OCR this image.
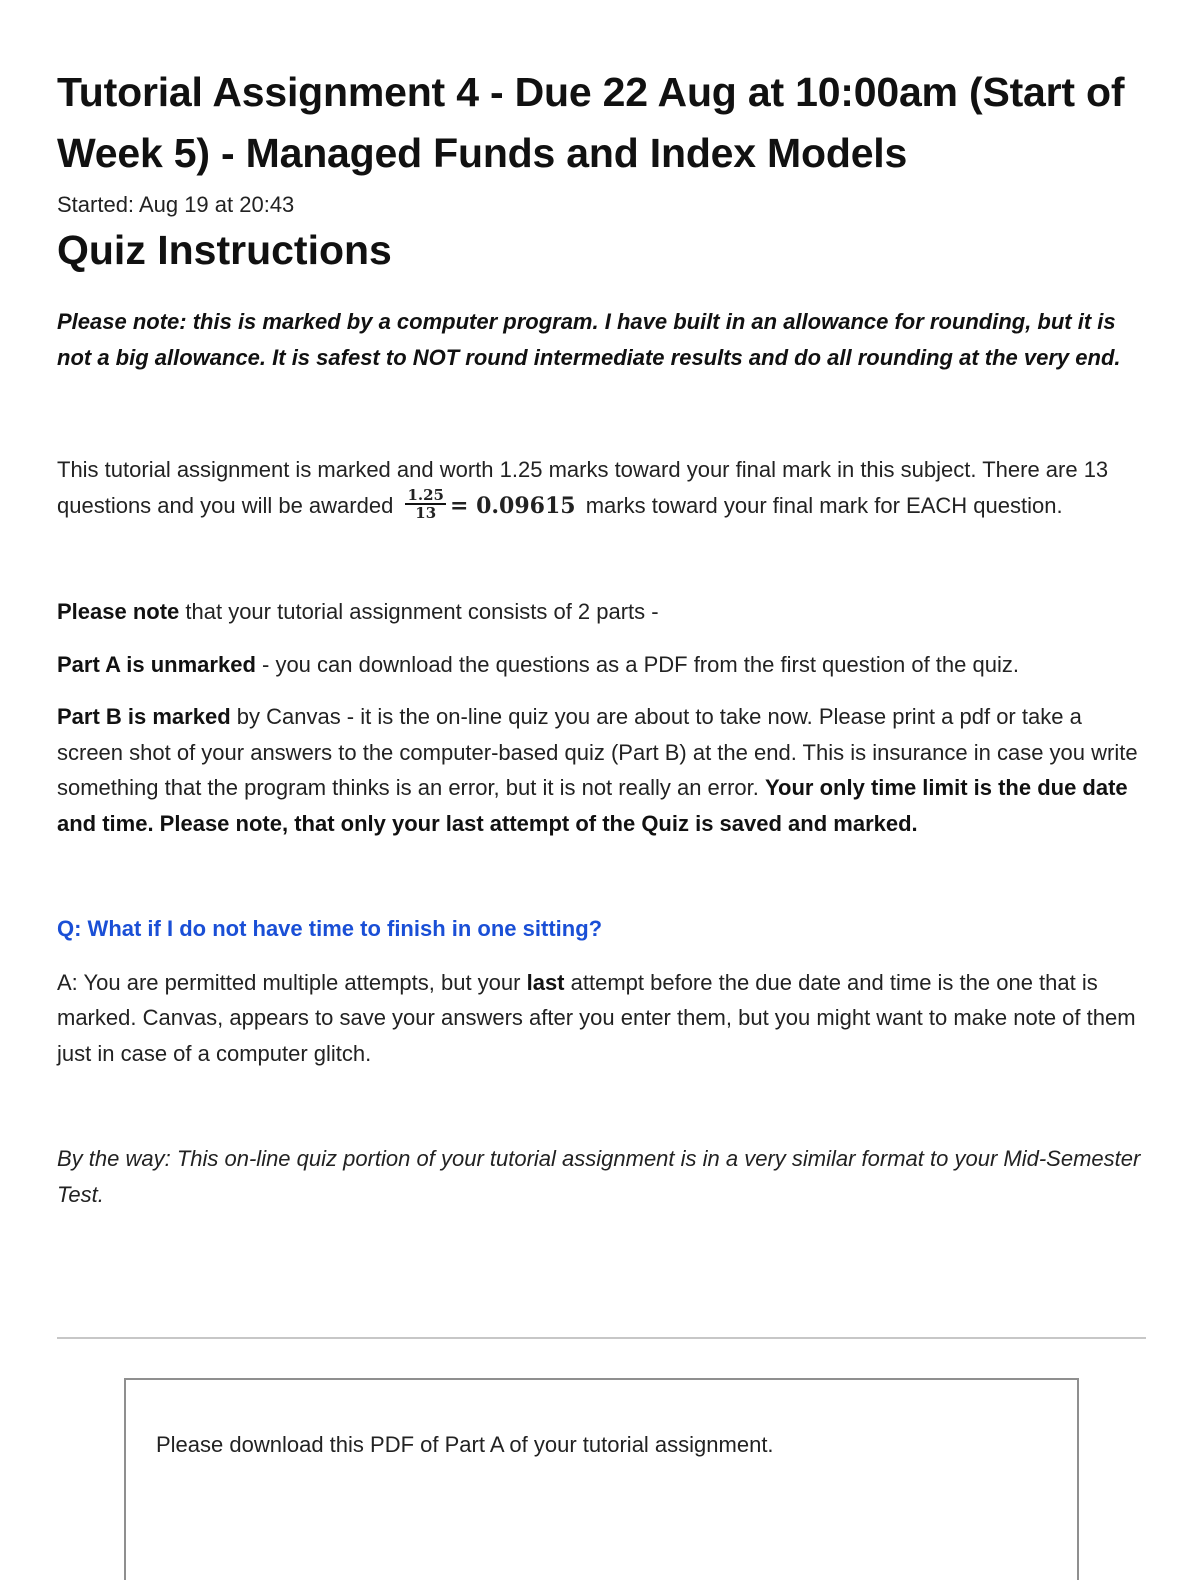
Tutorial Assignment 4 - Due 22 Aug at 10:00am (Start of Week 5) - Managed Funds and Index Models
Started: Aug 19 at 20:43
Quiz Instructions
Please note: this is marked by a computer program. I have built in an allowance for rounding, but it is not a big allowance. It is safest to NOT round intermediate results and do all rounding at the very end.

This tutorial assignment is marked and worth 1.25 marks toward your final mark in this subject. There are 13 questions and you will be awarded $\frac{1.25}{13} = 0.09615$ marks toward your final mark for EACH question.

Please note that your tutorial assignment consists of 2 parts -

Part A is unmarked - you can download the questions as a PDF from the first question of the quiz.

Part B is marked by Canvas - it is the on-line quiz you are about to take now. Please print a pdf or take a screen shot of your answers to the computer-based quiz (Part B) at the end. This is insurance in case you write something that the program thinks is an error, but it is not really an error. Your only time limit is the due date and time. Please note, that only your last attempt of the Quiz is saved and marked.

Q: What if I do not have time to finish in one sitting?

A: You are permitted multiple attempts, but your last attempt before the due date and time is the one that is marked. Canvas, appears to save your answers after you enter them, but you might want to make note of them just in case of a computer glitch.

By the way: This on-line quiz portion of your tutorial assignment is in a very similar format to your Mid-Semester Test.

Please download this PDF of Part A of your tutorial assignment.
